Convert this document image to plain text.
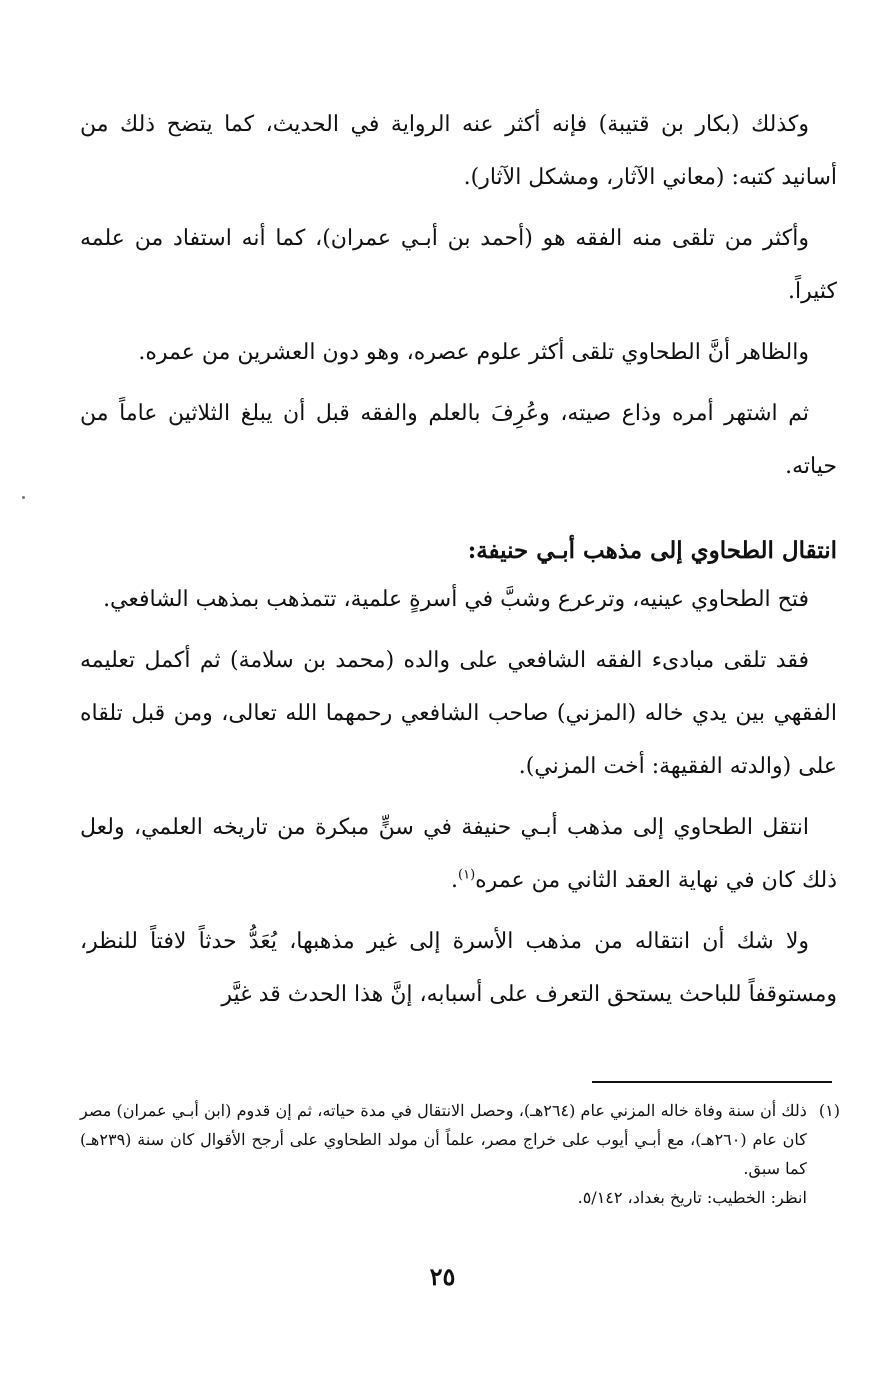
وكذلك (بكار بن قتيبة) فإنه أكثر عنه الرواية في الحديث، كما يتضح ذلك من أسانيد كتبه: (معاني الآثار، ومشكل الآثار).

وأكثر من تلقى منه الفقه هو (أحمد بن أبـي عمران)، كما أنه استفاد من علمه كثيراً.

والظاهر أنَّ الطحاوي تلقى أكثر علوم عصره، وهو دون العشرين من عمره.

ثم اشتهر أمره وذاع صيته، وعُرِفَ بالعلم والفقه قبل أن يبلغ الثلاثين عاماً من حياته.

انتقال الطحاوي إلى مذهب أبـي حنيفة:

فتح الطحاوي عينيه، وترعرع وشبَّ في أسرةٍ علمية، تتمذهب بمذهب الشافعي.

فقد تلقى مبادىء الفقه الشافعي على والده (محمد بن سلامة) ثم أكمل تعليمه الفقهي بين يدي خاله (المزني) صاحب الشافعي رحمهما الله تعالى، ومن قبل تلقاه على (والدته الفقيهة: أخت المزني).

انتقل الطحاوي إلى مذهب أبـي حنيفة في سنٍّ مبكرة من تاريخه العلمي، ولعل ذلك كان في نهاية العقد الثاني من عمره$^{(١)}$.

ولا شك أن انتقاله من مذهب الأسرة إلى غير مذهبها، يُعَدُّ حدثاً لافتاً للنظر، ومستوقفاً للباحث يستحق التعرف على أسبابه، إنَّ هذا الحدث قد غيَّر

(١)
ذلك أن سنة وفاة خاله المزني عام (٢٦٤هـ)، وحصل الانتقال في مدة حياته، ثم إن قدوم (ابن أبـي عمران) مصر كان عام (٢٦٠هـ)، مع أبـي أيوب على خراج مصر، علماً أن مولد الطحاوي على أرجح الأقوال كان سنة (٢٣٩هـ) كما سبق.
انظر: الخطيب: تاريخ بغداد، ٥/١٤٢.
٢٥
